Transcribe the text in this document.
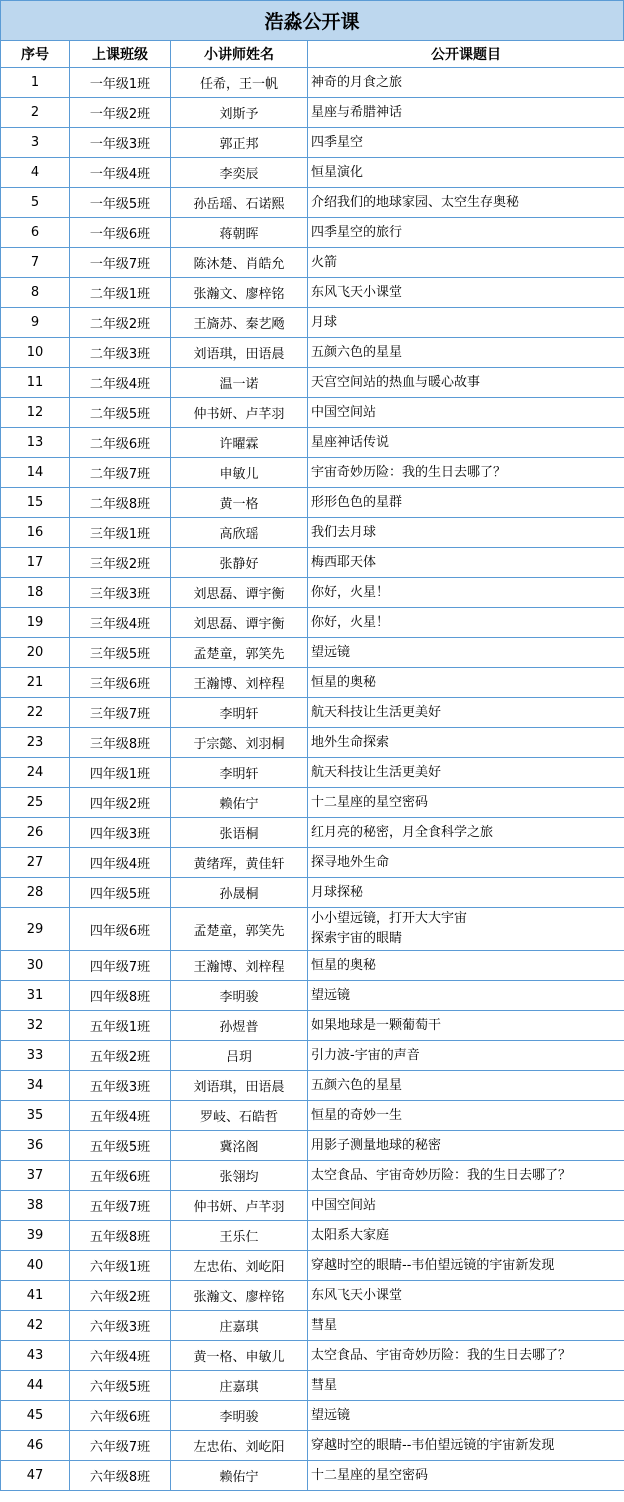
浩淼公开课
序号	上课班级	小讲师姓名	公开课题目
1	一年级1班	任希，王一帆	神奇的月食之旅

2	一年级2班	刘斯予	星座与希腊神话

3	一年级3班	郭正邦	四季星空

4	一年级4班	李奕辰	恒星演化

5	一年级5班	孙岳瑶、石诺熙	介绍我们的地球家园、太空生存奥秘

6	一年级6班	蒋朝晖	四季星空的旅行

7	一年级7班	陈沐楚、肖皓允	火箭

8	二年级1班	张瀚文、廖梓铭	东风飞天小课堂

9	二年级2班	王旖苏、秦艺飏	月球

10	二年级3班	刘语琪，田语晨	五颜六色的星星

11	二年级4班	温一诺	天宫空间站的热血与暖心故事

12	二年级5班	仲书妍、卢芊羽	中国空间站

13	二年级6班	许曜霖	星座神话传说

14	二年级7班	申敏儿	宇宙奇妙历险：我的生日去哪了？

15	二年级8班	黄一格	形形色色的星群

16	三年级1班	高欣瑶	我们去月球

17	三年级2班	张静好	梅西耶天体

18	三年级3班	刘思磊、谭宇衡	你好，火星！

19	三年级4班	刘思磊、谭宇衡	你好，火星！

20	三年级5班	孟楚童，郭笑先	望远镜

21	三年级6班	王瀚博、刘梓程	恒星的奥秘

22	三年级7班	李明轩	航天科技让生活更美好

23	三年级8班	于宗懿、刘羽桐	地外生命探索

24	四年级1班	李明轩	航天科技让生活更美好

25	四年级2班	赖佑宁	十二星座的星空密码

26	四年级3班	张语桐	红月亮的秘密，月全食科学之旅

27	四年级4班	黄绪珲，黄佳轩	探寻地外生命

28	四年级5班	孙晟桐	月球探秘

29	四年级6班	孟楚童，郭笑先	小小望远镜，打开大大宇宙
探索宇宙的眼睛

30	四年级7班	王瀚博、刘梓程	恒星的奥秘

31	四年级8班	李明骏	望远镜

32	五年级1班	孙煜普	如果地球是一颗葡萄干

33	五年级2班	吕玥	引力波-宇宙的声音

34	五年级3班	刘语琪，田语晨	五颜六色的星星

35	五年级4班	罗岐、石皓哲	恒星的奇妙一生

36	五年级5班	冀洺阁	用影子测量地球的秘密

37	五年级6班	张翎均	太空食品、宇宙奇妙历险：我的生日去哪了？

38	五年级7班	仲书妍、卢芊羽	中国空间站

39	五年级8班	王乐仁	太阳系大家庭

40	六年级1班	左忠佑、刘屹阳	穿越时空的眼睛--韦伯望远镜的宇宙新发现

41	六年级2班	张瀚文、廖梓铭	东风飞天小课堂

42	六年级3班	庄嘉琪	彗星

43	六年级4班	黄一格、申敏儿	太空食品、宇宙奇妙历险：我的生日去哪了？

44	六年级5班	庄嘉琪	彗星

45	六年级6班	李明骏	望远镜

46	六年级7班	左忠佑、刘屹阳	穿越时空的眼睛--韦伯望远镜的宇宙新发现

47	六年级8班	赖佑宁	十二星座的星空密码
